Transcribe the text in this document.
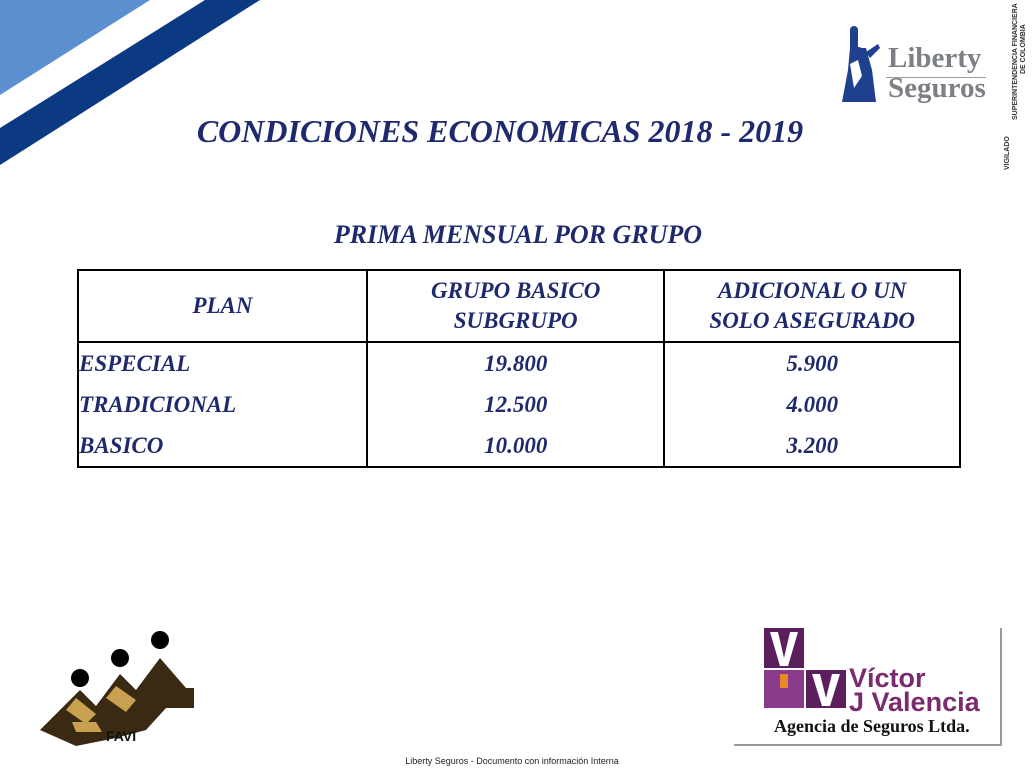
CONDICIONES ECONOMICAS 2018 - 2019
Liberty
Seguros
VIGILADO
SUPERINTENDENCIA FINANCIERA DE COLOMBIA
PRIMA MENSUAL POR GRUPO
PLAN	GRUPO BASICO SUBGRUPO	ADICIONAL O UN SOLO ASEGURADO

ESPECIAL	19.800	5.900
TRADICIONAL	12.500	4.000
BASICO	10.000	3.200
FAVI
Víctor
J Valencia
Agencia de Seguros Ltda.
Liberty Seguros - Documento con información Interna
